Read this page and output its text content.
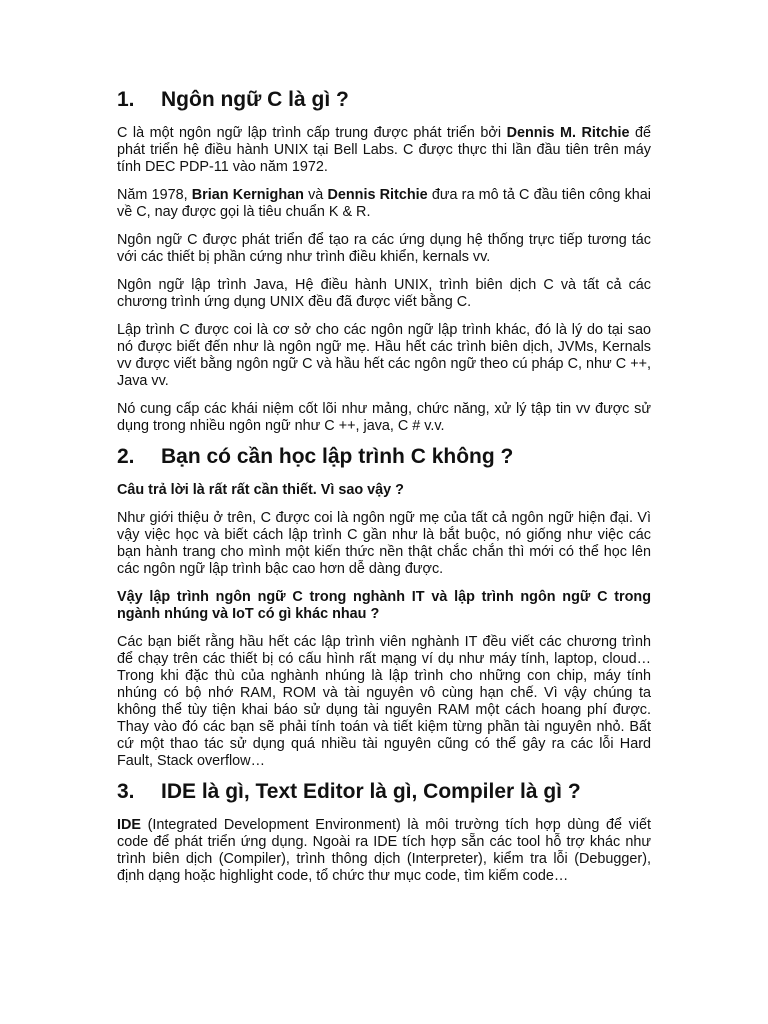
1.	Ngôn ngữ C là gì ?

C là một ngôn ngữ lập trình cấp trung được phát triển bởi Dennis M. Ritchie để phát triển hệ điều hành UNIX tại Bell Labs. C được thực thi lần đầu tiên trên máy tính DEC PDP-11 vào năm 1972.

Năm 1978, Brian Kernighan và Dennis Ritchie đưa ra mô tả C đầu tiên công khai về C, nay được gọi là tiêu chuẩn K & R.

Ngôn ngữ C được phát triển để tạo ra các ứng dụng hệ thống trực tiếp tương tác với các thiết bị phần cứng như trình điều khiển, kernals vv.

Ngôn ngữ lập trình Java, Hệ điều hành UNIX, trình biên dịch C và tất cả các chương trình ứng dụng UNIX đều đã được viết bằng C.

Lập trình C được coi là cơ sở cho các ngôn ngữ lập trình khác, đó là lý do tại sao nó được biết đến như là ngôn ngữ mẹ. Hầu hết các trình biên dịch, JVMs, Kernals vv được viết bằng ngôn ngữ C và hầu hết các ngôn ngữ theo cú pháp C, như C ++, Java vv.

Nó cung cấp các khái niệm cốt lõi như mảng, chức năng, xử lý tập tin vv được sử dụng trong nhiều ngôn ngữ như C ++, java, C # v.v.

2.	Bạn có cần học lập trình C không ?

Câu trả lời là rất rất cần thiết. Vì sao vậy ?

Như giới thiệu ở trên, C được coi là ngôn ngữ mẹ của tất cả ngôn ngữ hiện đại. Vì vậy việc học và biết cách lập trình C gần như là bắt buộc, nó giống như việc các bạn hành trang cho mình một kiến thức nền thật chắc chắn thì mới có thể học lên các ngôn ngữ lập trình bậc cao hơn dễ dàng được.

Vậy lập trình ngôn ngữ C trong nghành IT và lập trình ngôn ngữ C trong ngành nhúng và IoT có gì khác nhau ?

Các bạn biết rằng hầu hết các lập trình viên nghành IT đều viết các chương trình để chạy trên các thiết bị có cấu hình rất mạng ví dụ như máy tính, laptop, cloud… Trong khi đặc thù của nghành nhúng là lập trình cho những con chip, máy tính nhúng có bộ nhớ RAM, ROM và tài nguyên vô cùng hạn chế. Vì vậy chúng ta không thể tùy tiện khai báo sử dụng tài nguyên RAM một cách hoang phí được. Thay vào đó các bạn sẽ phải tính toán và tiết kiệm từng phần tài nguyên nhỏ. Bất cứ một thao tác sử dụng quá nhiều tài nguyên cũng có thể gây ra các lỗi Hard Fault, Stack overflow…

3.	IDE là gì, Text Editor là gì, Compiler là gì ?

IDE (Integrated Development Environment) là môi trường tích hợp dùng để viết code để phát triển ứng dụng. Ngoài ra IDE tích hợp sẵn các tool hỗ trợ khác như trình biên dịch (Compiler), trình thông dịch (Interpreter), kiểm tra lỗi (Debugger), định dạng hoặc highlight code, tổ chức thư mục code, tìm kiếm code…
